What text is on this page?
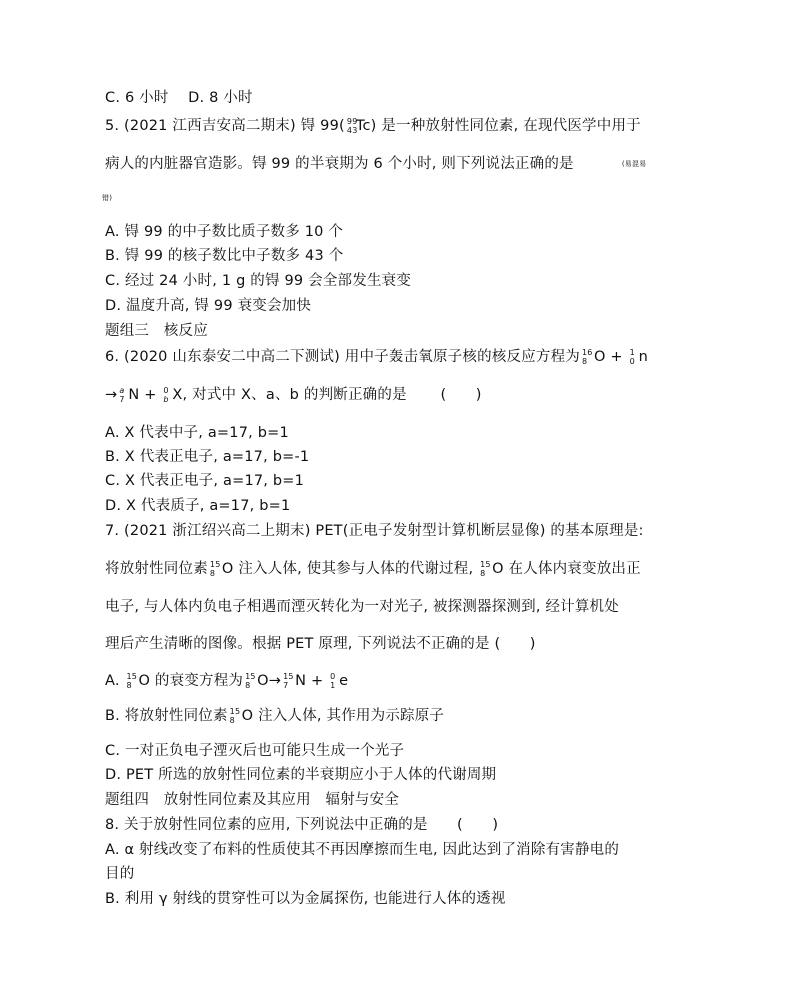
C. 6 小时　 D. 8 小时
5. (2021 江西吉安高二期末) 锝 99( 99
43
Tc) 是一种放射性同位素, 在现代医学中用于
病人的内脏器官造影。锝 99 的半衰期为 6 个小时, 则下列说法正确的是	(易混易
错)
A. 锝 99 的中子数比质子数多 10 个
B. 锝 99 的核子数比中子数多 43 个
C. 经过 24 小时, 1 g 的锝 99 会全部发生衰变
D. 温度升高, 锝 99 衰变会加快
题组三　核反应
6. (2020 山东泰安二中高二下测试) 用中子轰击氧原子核的核反应方程为 16
8 O + 1
0 n
→ a
7 N + 0
b X, 对式中 X、a、b 的判断正确的是 (　　)
A. X 代表中子, a=17, b=1
B. X 代表正电子, a=17, b=-1
C. X 代表正电子, a=17, b=1
D. X 代表质子, a=17, b=1
7. (2021 浙江绍兴高二上期末) PET(正电子发射型计算机断层显像) 的基本原理是:
将放射性同位素 15
8 O 注入人体, 使其参与人体的代谢过程, 15
8 O 在人体内衰变放出正
电子, 与人体内负电子相遇而湮灭转化为一对光子, 被探测器探测到, 经计算机处
理后产生清晰的图像。根据 PET 原理, 下列说法不正确的是 (　　)
A. 15
8 O 的衰变方程为 15
8 O→ 15
7 N + 0
1 e
B. 将放射性同位素 15
8 O 注入人体, 其作用为示踪原子
C. 一对正负电子湮灭后也可能只生成一个光子
D. PET 所选的放射性同位素的半衰期应小于人体的代谢周期
题组四　放射性同位素及其应用　辐射与安全
8. 关于放射性同位素的应用, 下列说法中正确的是　　(　　)
A. α 射线改变了布料的性质使其不再因摩擦而生电, 因此达到了消除有害静电的
目的
B. 利用 γ 射线的贯穿性可以为金属探伤, 也能进行人体的透视
